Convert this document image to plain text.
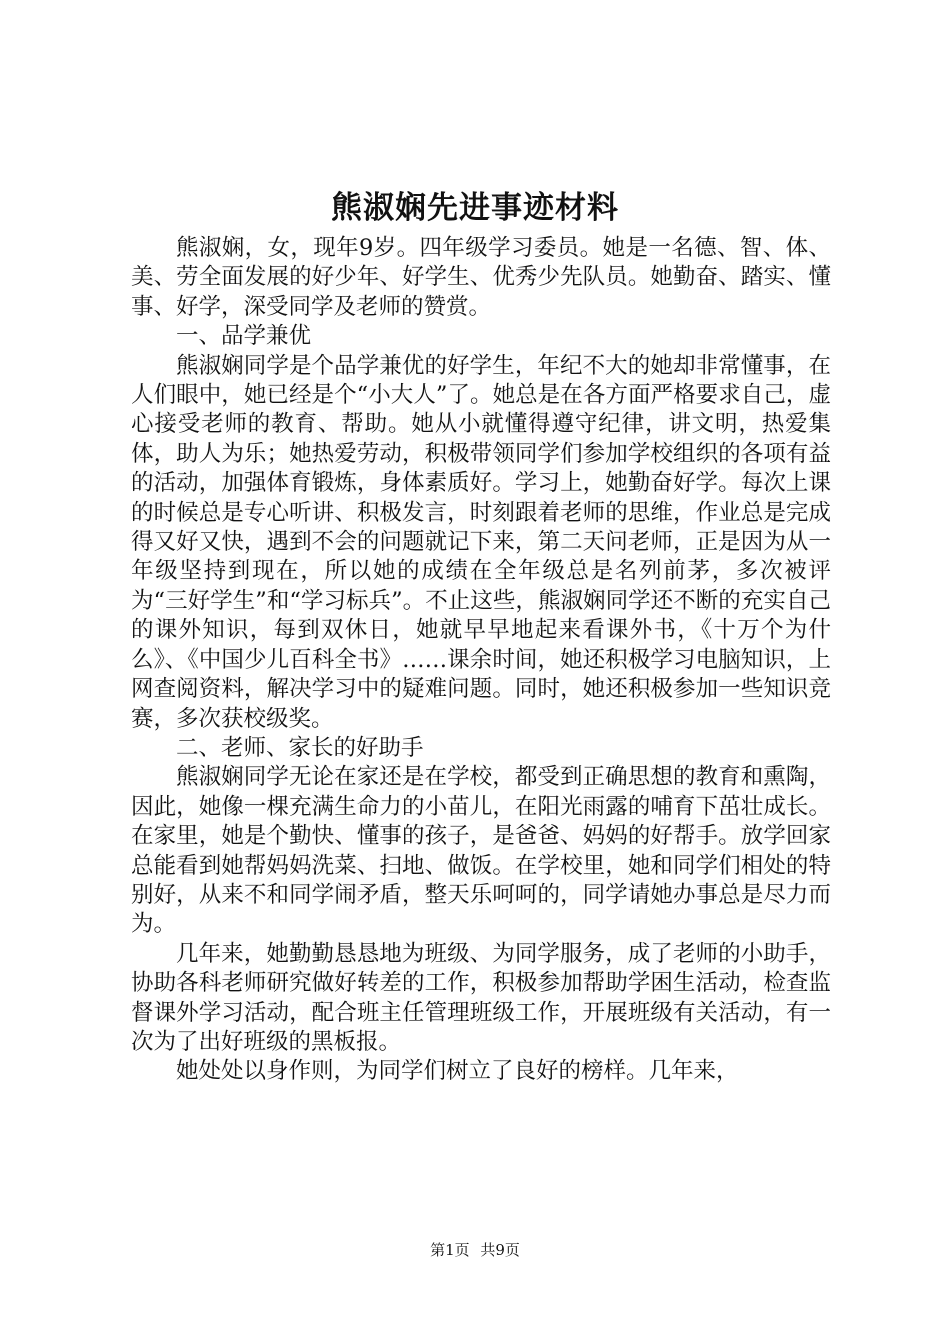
熊淑娴先进事迹材料

熊淑娴，女，现年9岁。四年级学习委员。她是一名德、智、体、美、劳全面发展的好少年、好学生、优秀少先队员。她勤奋、踏实、懂事、好学，深受同学及老师的赞赏。

一、品学兼优

熊淑娴同学是个品学兼优的好学生，年纪不大的她却非常懂事，在人们眼中，她已经是个“小大人”了。她总是在各方面严格要求自己，虚心接受老师的教育、帮助。她从小就懂得遵守纪律，讲文明，热爱集体，助人为乐；她热爱劳动，积极带领同学们参加学校组织的各项有益的活动，加强体育锻炼，身体素质好。学习上，她勤奋好学。每次上课的时候总是专心听讲、积极发言，时刻跟着老师的思维，作业总是完成得又好又快，遇到不会的问题就记下来，第二天问老师，正是因为从一年级坚持到现在，所以她的成绩在全年级总是名列前茅，多次被评为“三好学生”和“学习标兵”。不止这些，熊淑娴同学还不断的充实自己的课外知识，每到双休日，她就早早地起来看课外书，《十万个为什么》、《中国少儿百科全书》……课余时间，她还积极学习电脑知识，上网查阅资料，解决学习中的疑难问题。同时，她还积极参加一些知识竞赛，多次获校级奖。

二、老师、家长的好助手

熊淑娴同学无论在家还是在学校，都受到正确思想的教育和熏陶，因此，她像一棵充满生命力的小苗儿，在阳光雨露的哺育下茁壮成长。在家里，她是个勤快、懂事的孩子，是爸爸、妈妈的好帮手。放学回家总能看到她帮妈妈洗菜、扫地、做饭。在学校里，她和同学们相处的特别好，从来不和同学闹矛盾，整天乐呵呵的，同学请她办事总是尽力而为。

几年来，她勤勤恳恳地为班级、为同学服务，成了老师的小助手，协助各科老师研究做好转差的工作，积极参加帮助学困生活动，检查监督课外学习活动，配合班主任管理班级工作，开展班级有关活动，有一次为了出好班级的黑板报。

她处处以身作则，为同学们树立了良好的榜样。几年来，

第1页 共9页
